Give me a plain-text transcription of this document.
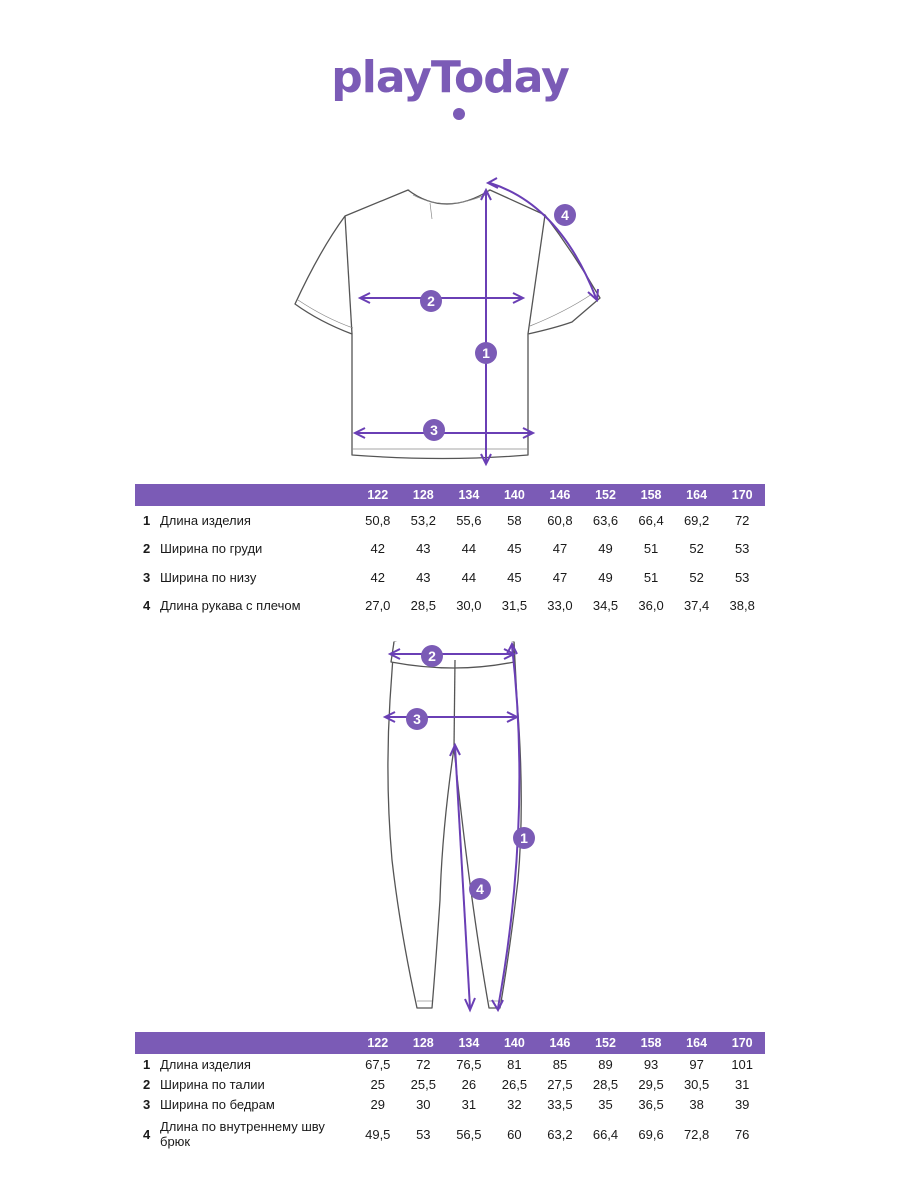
playToday
1
2
3
4
		122	128	134	140	146	152	158	164	170
1	Длина изделия	50,8	53,2	55,6	58	60,8	63,6	66,4	69,2	72
2	Ширина по груди	42	43	44	45	47	49	51	52	53
3	Ширина по низу	42	43	44	45	47	49	51	52	53
4	Длина рукава с плечом	27,0	28,5	30,0	31,5	33,0	34,5	36,0	37,4	38,8
1
2
3
4
		122	128	134	140	146	152	158	164	170
1	Длина изделия	67,5	72	76,5	81	85	89	93	97	101
2	Ширина по талии	25	25,5	26	26,5	27,5	28,5	29,5	30,5	31
3	Ширина по бедрам	29	30	31	32	33,5	35	36,5	38	39
4	Длина по внутреннему шву брюк	49,5	53	56,5	60	63,2	66,4	69,6	72,8	76
